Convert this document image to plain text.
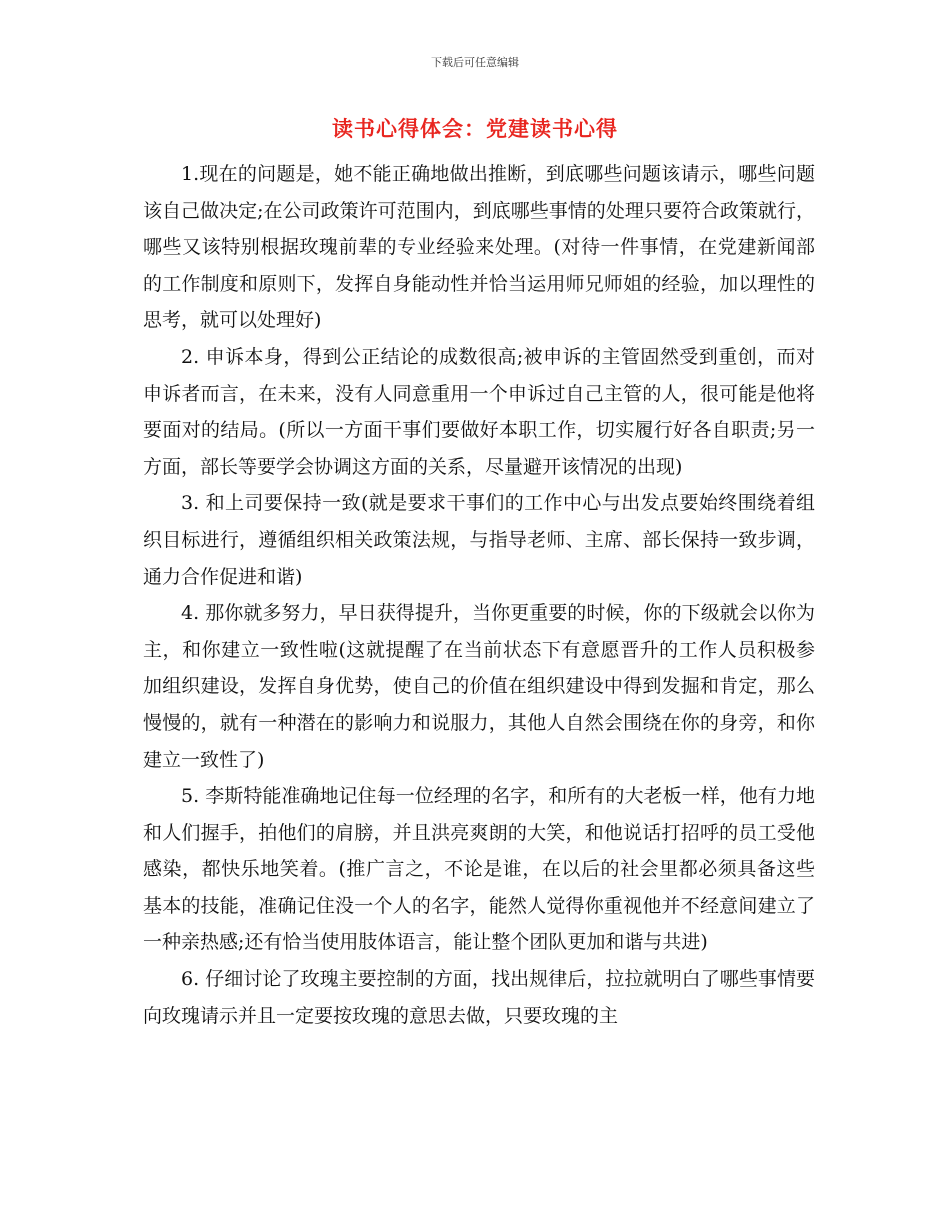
下载后可任意编辑
读书心得体会：党建读书心得

1.现在的问题是，她不能正确地做出推断，到底哪些问题该请示，哪些问题该自己做决定;在公司政策许可范围内，到底哪些事情的处理只要符合政策就行，哪些又该特别根据玫瑰前辈的专业经验来处理。(对待一件事情，在党建新闻部的工作制度和原则下，发挥自身能动性并恰当运用师兄师姐的经验，加以理性的思考，就可以处理好)

2. 申诉本身，得到公正结论的成数很高;被申诉的主管固然受到重创，而对申诉者而言，在未来，没有人同意重用一个申诉过自己主管的人，很可能是他将要面对的结局。(所以一方面干事们要做好本职工作，切实履行好各自职责;另一方面，部长等要学会协调这方面的关系，尽量避开该情况的出现)

3. 和上司要保持一致(就是要求干事们的工作中心与出发点要始终围绕着组织目标进行，遵循组织相关政策法规，与指导老师、主席、部长保持一致步调，通力合作促进和谐)

4. 那你就多努力，早日获得提升，当你更重要的时候，你的下级就会以你为主，和你建立一致性啦(这就提醒了在当前状态下有意愿晋升的工作人员积极参加组织建设，发挥自身优势，使自己的价值在组织建设中得到发掘和肯定，那么慢慢的，就有一种潜在的影响力和说服力，其他人自然会围绕在你的身旁，和你建立一致性了)

5. 李斯特能准确地记住每一位经理的名字，和所有的大老板一样，他有力地和人们握手，拍他们的肩膀，并且洪亮爽朗的大笑，和他说话打招呼的员工受他感染，都快乐地笑着。(推广言之，不论是谁，在以后的社会里都必须具备这些基本的技能，准确记住没一个人的名字，能然人觉得你重视他并不经意间建立了一种亲热感;还有恰当使用肢体语言，能让整个团队更加和谐与共进)

6. 仔细讨论了玫瑰主要控制的方面，找出规律后，拉拉就明白了哪些事情要向玫瑰请示并且一定要按玫瑰的意思去做，只要玫瑰的主
